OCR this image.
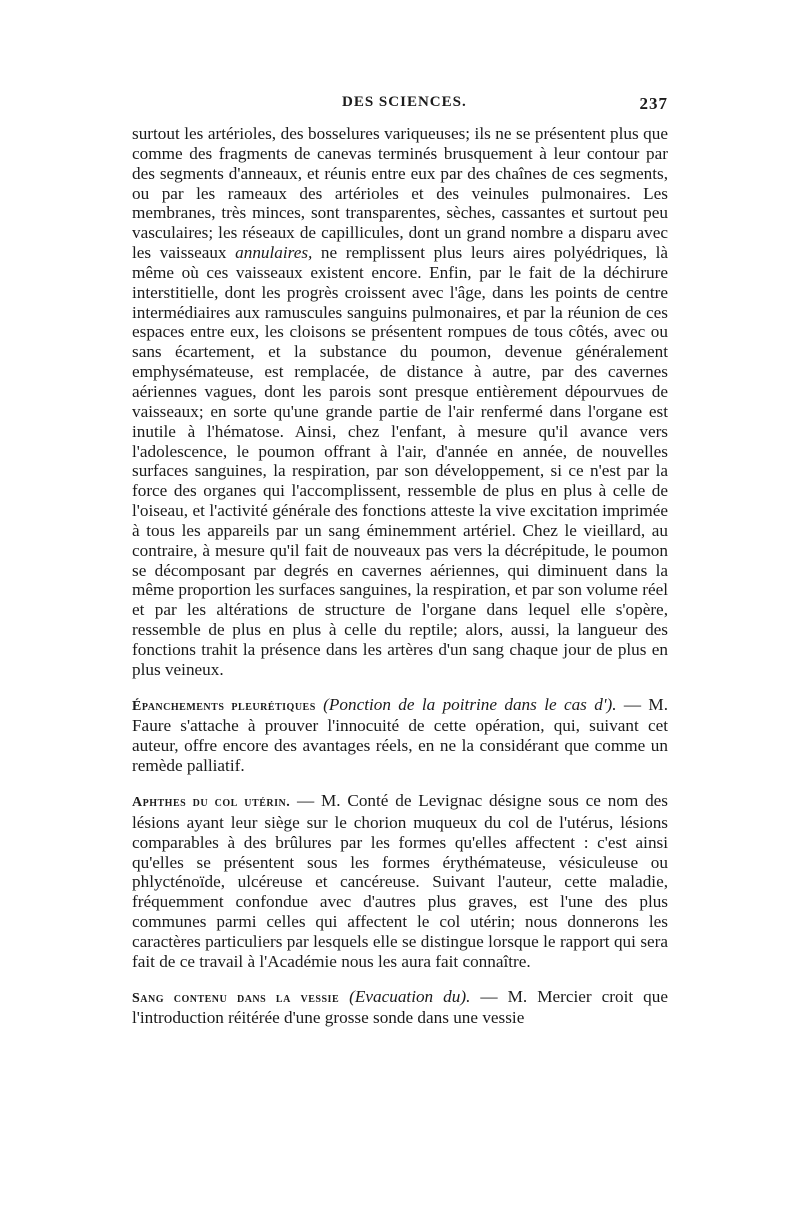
DES SCIENCES.	237

surtout les artérioles, des bosselures variqueuses; ils ne se présentent plus que comme des fragments de canevas terminés brusquement à leur contour par des segments d'anneaux, et réunis entre eux par des chaînes de ces segments, ou par les rameaux des artérioles et des veinules pulmonaires. Les membranes, très minces, sont transparentes, sèches, cassantes et surtout peu vasculaires; les réseaux de capillicules, dont un grand nombre a disparu avec les vaisseaux annulaires, ne remplissent plus leurs aires polyédriques, là même où ces vaisseaux existent encore. Enfin, par le fait de la déchirure interstitielle, dont les progrès croissent avec l'âge, dans les points de centre intermédiaires aux ramuscules sanguins pulmonaires, et par la réunion de ces espaces entre eux, les cloisons se présentent rompues de tous côtés, avec ou sans écartement, et la substance du poumon, devenue généralement emphysémateuse, est remplacée, de distance à autre, par des cavernes aériennes vagues, dont les parois sont presque entièrement dépourvues de vaisseaux; en sorte qu'une grande partie de l'air renfermé dans l'organe est inutile à l'hématose. Ainsi, chez l'enfant, à mesure qu'il avance vers l'adolescence, le poumon offrant à l'air, d'année en année, de nouvelles surfaces sanguines, la respiration, par son développement, si ce n'est par la force des organes qui l'accomplissent, ressemble de plus en plus à celle de l'oiseau, et l'activité générale des fonctions atteste la vive excitation imprimée à tous les appareils par un sang éminemment artériel. Chez le vieillard, au contraire, à mesure qu'il fait de nouveaux pas vers la décrépitude, le poumon se décomposant par degrés en cavernes aériennes, qui diminuent dans la même proportion les surfaces sanguines, la respiration, et par son volume réel et par les altérations de structure de l'organe dans lequel elle s'opère, ressemble de plus en plus à celle du reptile; alors, aussi, la langueur des fonctions trahit la présence dans les artères d'un sang chaque jour de plus en plus veineux.

Épanchements pleurétiques (Ponction de la poitrine dans le cas d'). — M. Faure s'attache à prouver l'innocuité de cette opération, qui, suivant cet auteur, offre encore des avantages réels, en ne la considérant que comme un remède palliatif.

Aphthes du col utérin. — M. Conté de Levignac désigne sous ce nom des lésions ayant leur siège sur le chorion muqueux du col de l'utérus, lésions comparables à des brûlures par les formes qu'elles affectent : c'est ainsi qu'elles se présentent sous les formes érythémateuse, vésiculeuse ou phlycténoïde, ulcéreuse et cancéreuse. Suivant l'auteur, cette maladie, fréquemment confondue avec d'autres plus graves, est l'une des plus communes parmi celles qui affectent le col utérin; nous donnerons les caractères particuliers par lesquels elle se distingue lorsque le rapport qui sera fait de ce travail à l'Académie nous les aura fait connaître.

Sang contenu dans la vessie (Evacuation du). — M. Mercier croit que l'introduction réitérée d'une grosse sonde dans une vessie
